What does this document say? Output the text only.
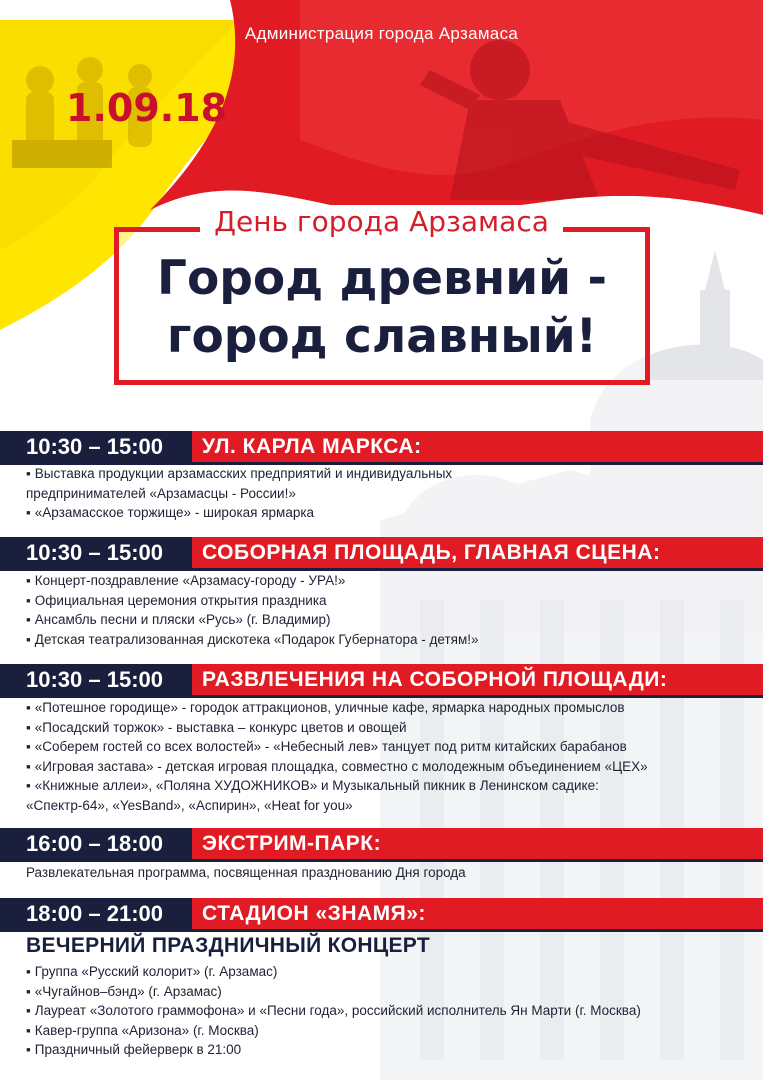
Администрация города Арзамаса
1.09.18
День города Арзамаса
Город древний -
город славный!
10:30 – 15:00	УЛ. КАРЛА МАРКСА:
▪ Выставка продукции арзамасских предприятий и индивидуальных
предпринимателей «Арзамасцы - России!»
▪ «Арзамасское торжище» - широкая ярмарка
10:30 – 15:00	СОБОРНАЯ ПЛОЩАДЬ, ГЛАВНАЯ СЦЕНА:
▪ Концерт-поздравление «Арзамасу-городу - УРА!»
▪ Официальная церемония открытия праздника
▪ Ансамбль песни и пляски «Русь» (г. Владимир)
▪ Детская театрализованная дискотека «Подарок Губернатора - детям!»
10:30 – 15:00	РАЗВЛЕЧЕНИЯ НА СОБОРНОЙ ПЛОЩАДИ:
▪ «Потешное городище» - городок аттракционов, уличные кафе, ярмарка народных промыслов
▪ «Посадский торжок» - выставка – конкурс цветов и овощей
▪ «Соберем гостей со всех волостей» - «Небесный лев» танцует под ритм китайских барабанов
▪ «Игровая застава» - детская игровая площадка, совместно с молодежным объединением «ЦЕХ»
▪ «Книжные аллеи», «Поляна ХУДОЖНИКОВ» и Музыкальный пикник в Ленинском садике:
«Спектр-64», «YesBand», «Аспирин», «Heat for you»
16:00 – 18:00	ЭКСТРИМ-ПАРК:
Развлекательная программа, посвященная празднованию Дня города
18:00 – 21:00	СТАДИОН «ЗНАМЯ»:
ВЕЧЕРНИЙ ПРАЗДНИЧНЫЙ КОНЦЕРТ
▪ Группа «Русский колорит» (г. Арзамас)
▪ «Чугайнов–бэнд» (г. Арзамас)
▪ Лауреат «Золотого граммофона» и «Песни года», российский исполнитель Ян Марти (г. Москва)
▪ Кавер-группа «Аризона» (г. Москва)
▪ Праздничный фейерверк в 21:00
